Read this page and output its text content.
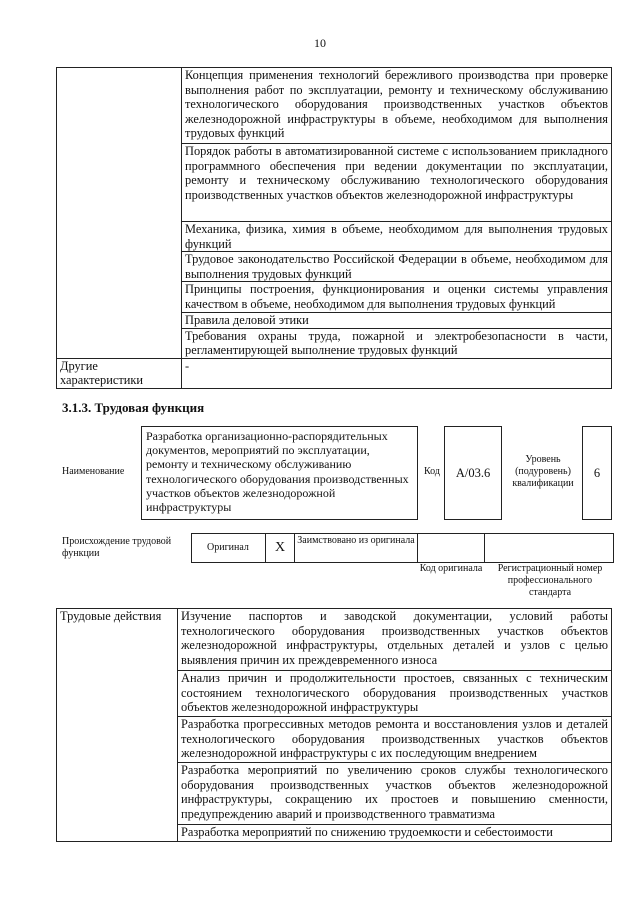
10
	Концепция применения технологий бережливого производства при проверке выполнения работ по эксплуатации, ремонту и техническому обслуживанию технологического оборудования производственных участков объектов железнодорожной инфраструктуры в объеме, необходимом для выполнения трудовых функций
	Порядок работы в автоматизированной системе с использованием прикладного программного обеспечения при ведении документации по эксплуатации, ремонту и техническому обслуживанию технологического оборудования производственных участков объектов железнодорожной инфраструктуры
	Механика, физика, химия в объеме, необходимом для выполнения трудовых функций
	Трудовое законодательство Российской Федерации в объеме, необходимом для выполнения трудовых функций
	Принципы построения, функционирования и оценки системы управления качеством в объеме, необходимом для выполнения трудовых функций
	Правила деловой этики
	Требования охраны труда, пожарной и электробезопасности в части, регламентирующей выполнение трудовых функций
Другие характеристики	-
3.1.3. Трудовая функция
Наименование
Разработка организационно-распорядительных документов, мероприятий по эксплуатации, ремонту и техническому обслуживанию технологического оборудования производственных участков объектов железнодорожной инфраструктуры
Код	А/03.6
Уровень (подуровень) квалификации
6
Происхождение трудовой функции
Оригинал	X	Заимствовано из оригинала
Код оригинала	Регистрационный номер профессионального стандарта
Трудовые действия	Изучение паспортов и заводской документации, условий работы технологического оборудования производственных участков объектов железнодорожной инфраструктуры, отдельных деталей и узлов с целью выявления причин их преждевременного износа
Анализ причин и продолжительности простоев, связанных с техническим состоянием технологического оборудования производственных участков объектов железнодорожной инфраструктуры
Разработка прогрессивных методов ремонта и восстановления узлов и деталей технологического оборудования производственных участков объектов железнодорожной инфраструктуры с их последующим внедрением
Разработка мероприятий по увеличению сроков службы технологического оборудования производственных участков объектов железнодорожной инфраструктуры, сокращению их простоев и повышению сменности, предупреждению аварий и производственного травматизма
Разработка мероприятий по снижению трудоемкости и себестоимости
